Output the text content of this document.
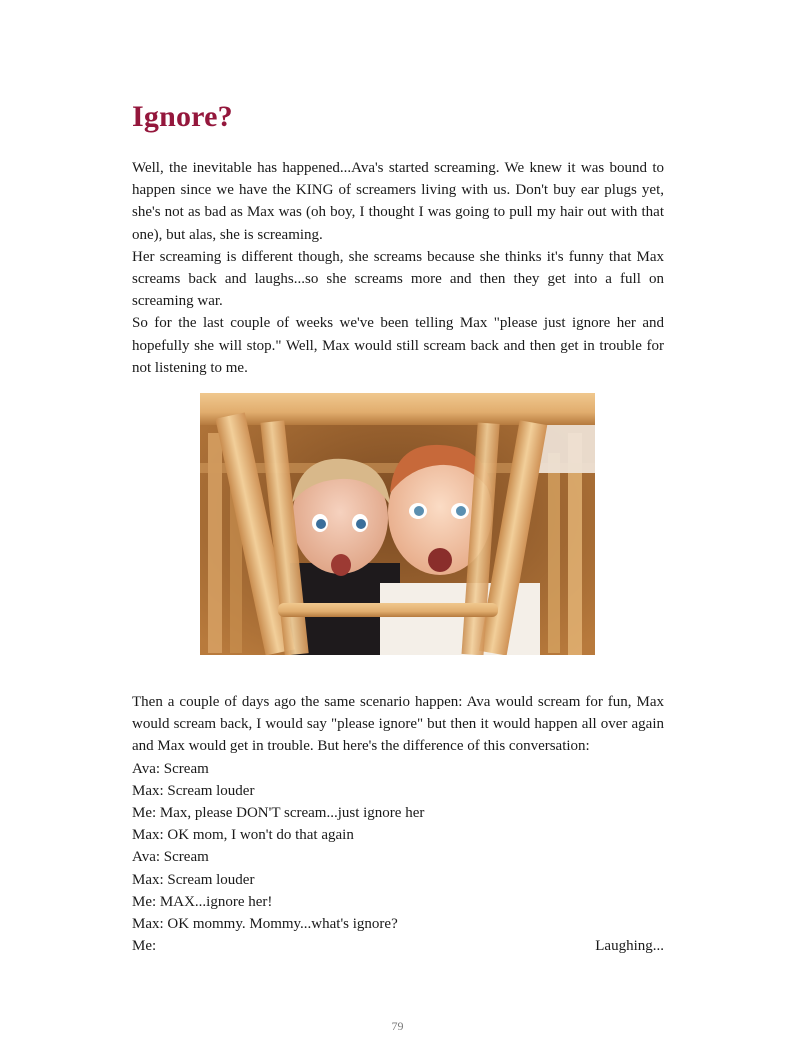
Ignore?

Well, the inevitable has happened...Ava's started screaming. We knew it was bound to happen since we have the KING of screamers living with us. Don't buy ear plugs yet, she's not as bad as Max was (oh boy, I thought I was going to pull my hair out with that one), but alas, she is screaming.

Her screaming is different though, she screams because she thinks it's funny that Max screams back and laughs...so she screams more and then they get into a full on screaming war.

So for the last couple of weeks we've been telling Max "please just ignore her and hopefully she will stop." Well, Max would still scream back and then get in trouble for not listening to me.

Then a couple of days ago the same scenario happen: Ava would scream for fun, Max would scream back, I would say "please ignore" but then it would happen all over again and Max would get in trouble. But here's the difference of this conversation:

Ava: Scream
Max: Scream louder
Me: Max, please DON'T scream...just ignore her
Max: OK mom, I won't do that again
Ava: Scream
Max: Scream louder
Me: MAX...ignore her!
Max: OK mommy. Mommy...what's ignore?
Me:	Laughing...
79
